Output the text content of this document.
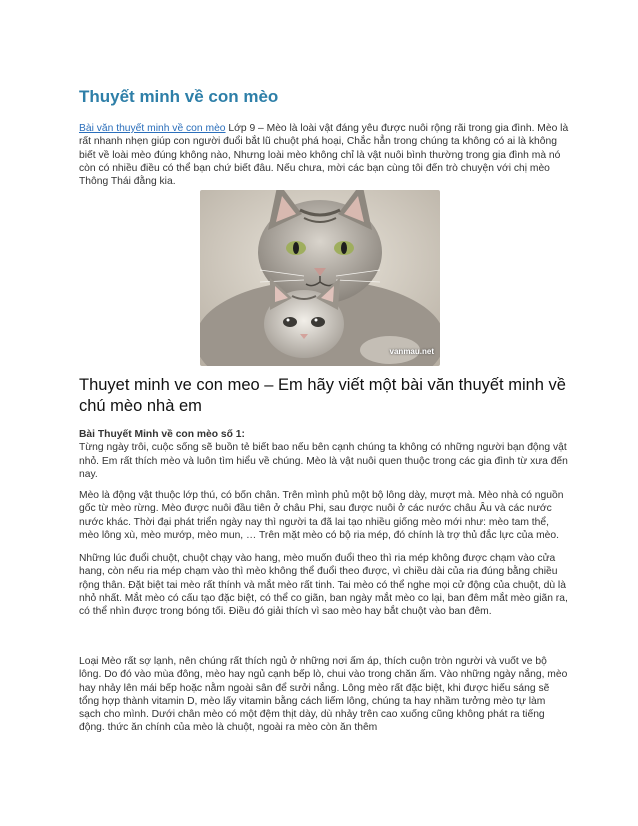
Thuyết minh về con mèo

Bài văn thuyết minh về con mèo Lớp 9 – Mèo là loài vật đáng yêu được nuôi rộng rãi trong gia đình. Mèo là rất nhanh nhẹn giúp con người đuổi bắt lũ chuột phá hoại, Chắc hẳn trong chúng ta không có ai là không biết về loài mèo đúng không nào, Nhưng loài mèo không chỉ là vật nuôi bình thường trong gia đình mà nó còn có nhiều điều có thể bạn chứ biết đâu. Nếu chưa, mời các bạn cùng tôi đến trò chuyện với chị mèo Thông Thái đằng kia.

vanmau.net
Thuyet minh ve con meo – Em hãy viết một bài văn thuyết minh về chú mèo nhà em

Bài Thuyết Minh về con mèo số 1:
Từng ngày trôi, cuộc sống sẽ buồn tẻ biết bao nếu bên cạnh chúng ta không có những người bạn động vật nhỏ. Em rất thích mèo và luôn tìm hiểu về chúng. Mèo là vật nuôi quen thuộc trong các gia đình từ xưa đến nay.

Mèo là động vật thuộc lớp thú, có bốn chân. Trên mình phủ một bộ lông dày, mượt mà. Mèo nhà có nguồn gốc từ mèo rừng. Mèo được nuôi đầu tiên ở châu Phi, sau được nuôi ở các nước châu Âu và các nước nước khác. Thời đại phát triển ngày nay thì người ta đã lai tạo nhiều giống mèo mới như: mèo tam thể, mèo lông xù, mèo mướp, mèo mun, … Trên mặt mèo có bộ ria mép, đó chính là trợ thủ đắc lực của mèo.

Những lúc đuổi chuột, chuột chạy vào hang, mèo muốn đuổi theo thì ria mép không được chạm vào cửa hang, còn nếu ria mép chạm vào thì mèo không thể đuổi theo được, vì chiều dài của ria đúng bằng chiều rộng thân. Đặt biệt tai mèo rất thính và mắt mèo rất tinh. Tai mèo có thể nghe mọi cử động của chuột, dù là nhỏ nhất. Mắt mèo có cấu tạo đặc biệt, có thể co giãn, ban ngày mắt mèo co lại, ban đêm mắt mèo giãn ra, có thể nhìn được trong bóng tối. Điều đó giải thích vì sao mèo hay bắt chuột vào ban đêm.

Loại Mèo rất sợ lạnh, nên chúng rất thích ngủ ở những nơi ấm áp, thích cuộn tròn người và vuốt ve bộ lông. Do đó vào mùa đông, mèo hay ngủ cạnh bếp lò, chui vào trong chăn ấm. Vào những ngày nắng, mèo hay nhảy lên mái bếp hoặc nằm ngoài sân để sưởi nắng. Lông mèo rất đặc biệt, khi được hiếu sáng sẽ tổng hợp thành vitamin D, mèo lấy vitamin bằng cách liếm lông, chúng ta hay nhầm tưởng mèo tự làm sạch cho mình. Dưới chân mèo có một đệm thịt dày, dù nhảy trên cao xuống cũng không phát ra tiếng động. thức ăn chính của mèo là chuột, ngoài ra mèo còn ăn thêm
